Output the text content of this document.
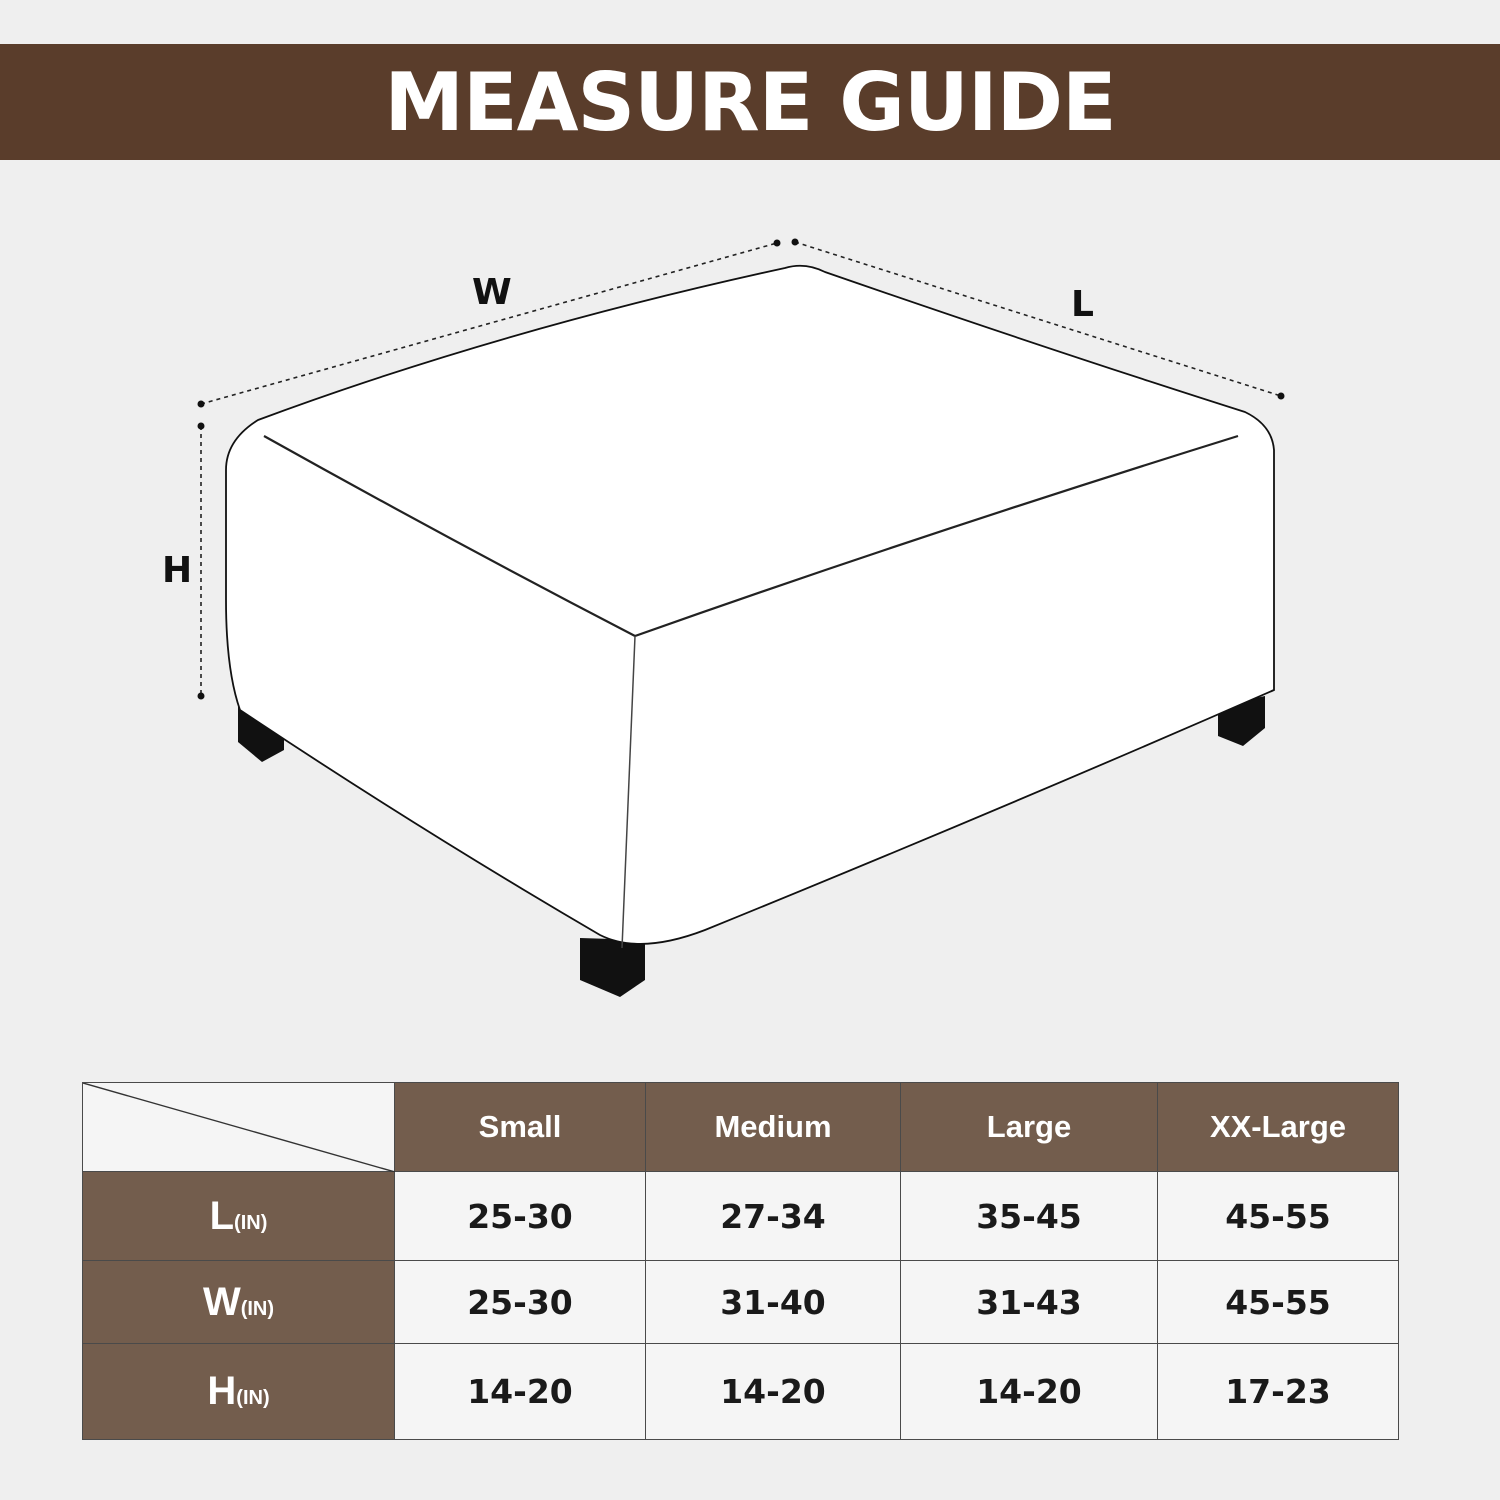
MEASURE GUIDE
W	L
H
	Small	Medium	Large	XX-Large
L(IN)	25-30	27-34	35-45	45-55
W(IN)	25-30	31-40	31-43	45-55
H(IN)	14-20	14-20	14-20	17-23
